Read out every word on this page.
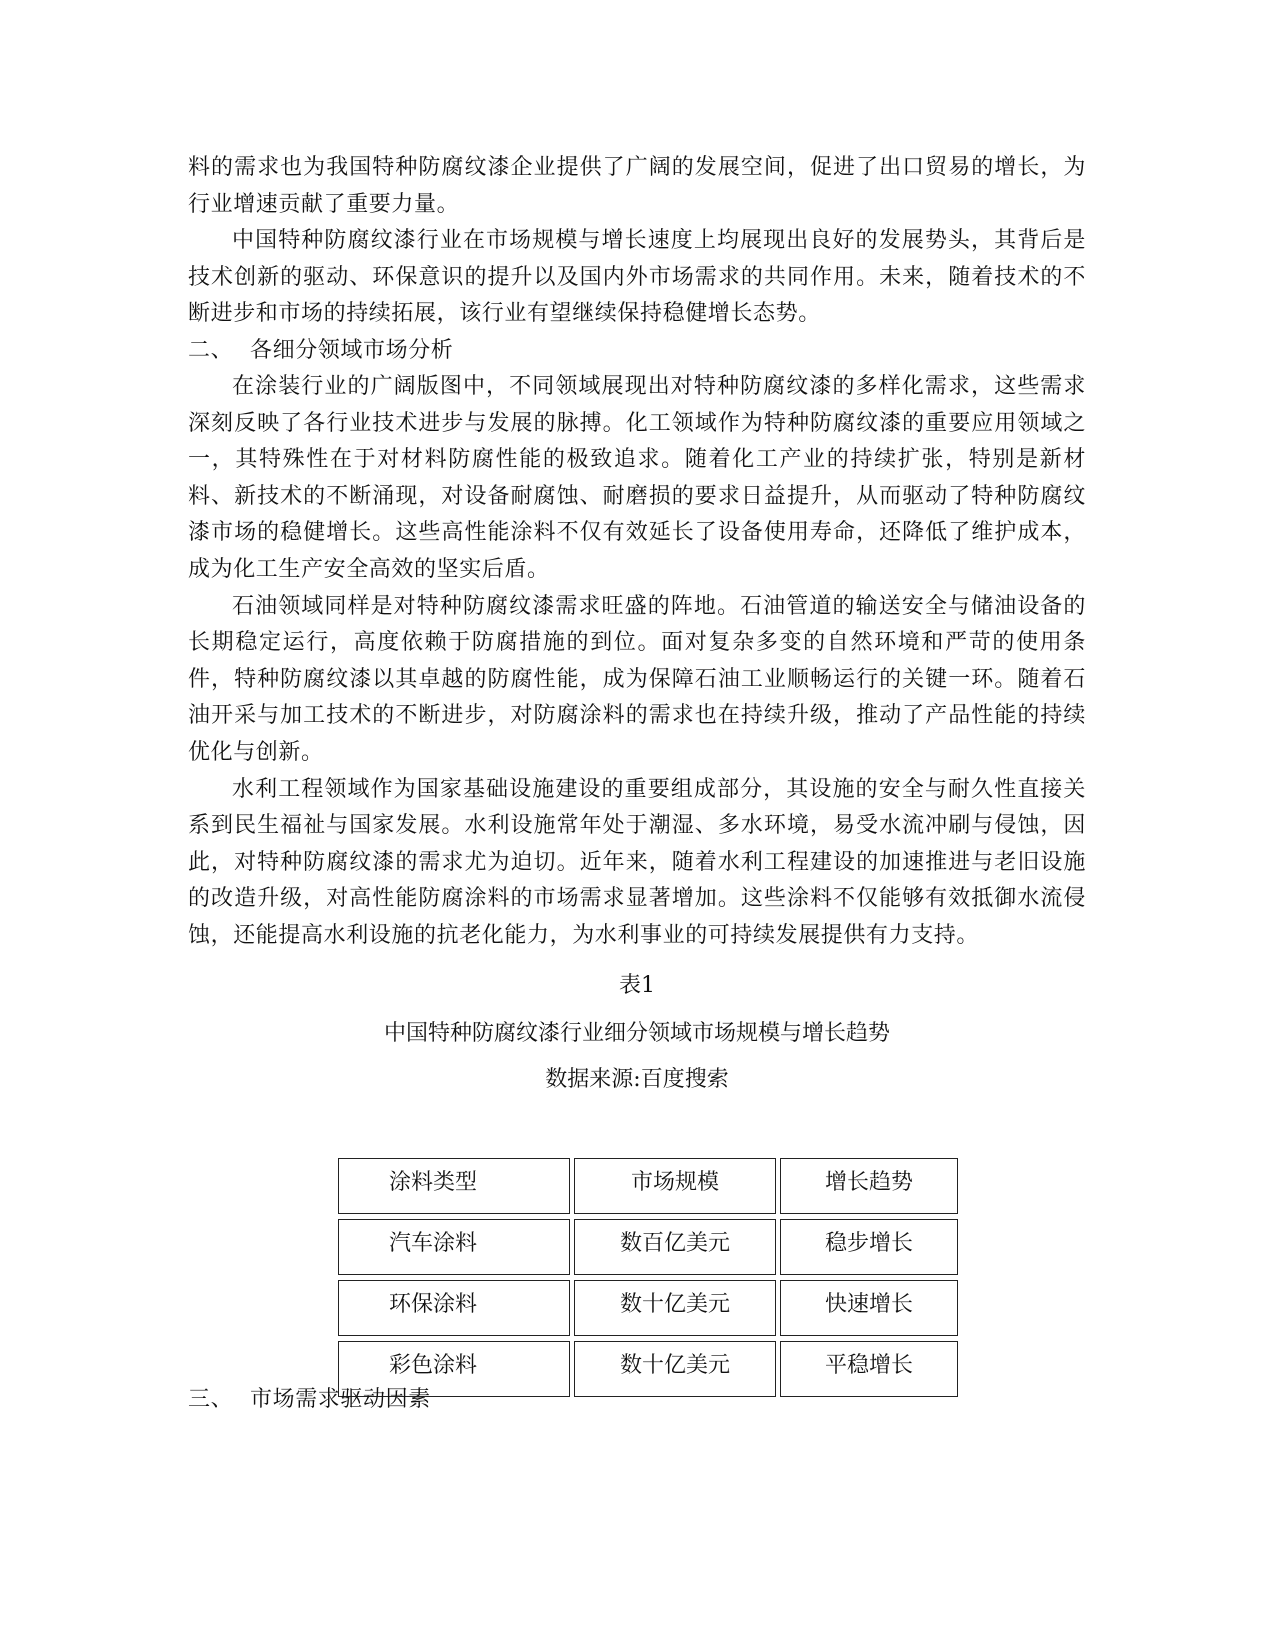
料的需求也为我国特种防腐纹漆企业提供了广阔的发展空间，促进了出口贸易的增长，为行业增速贡献了重要力量。

中国特种防腐纹漆行业在市场规模与增长速度上均展现出良好的发展势头，其背后是技术创新的驱动、环保意识的提升以及国内外市场需求的共同作用。未来，随着技术的不断进步和市场的持续拓展，该行业有望继续保持稳健增长态势。

二、 各细分领域市场分析

在涂装行业的广阔版图中，不同领域展现出对特种防腐纹漆的多样化需求，这些需求深刻反映了各行业技术进步与发展的脉搏。化工领域作为特种防腐纹漆的重要应用领域之一，其特殊性在于对材料防腐性能的极致追求。随着化工产业的持续扩张，特别是新材料、新技术的不断涌现，对设备耐腐蚀、耐磨损的要求日益提升，从而驱动了特种防腐纹漆市场的稳健增长。这些高性能涂料不仅有效延长了设备使用寿命，还降低了维护成本，成为化工生产安全高效的坚实后盾。

石油领域同样是对特种防腐纹漆需求旺盛的阵地。石油管道的输送安全与储油设备的长期稳定运行，高度依赖于防腐措施的到位。面对复杂多变的自然环境和严苛的使用条件，特种防腐纹漆以其卓越的防腐性能，成为保障石油工业顺畅运行的关键一环。随着石油开采与加工技术的不断进步，对防腐涂料的需求也在持续升级，推动了产品性能的持续优化与创新。

水利工程领域作为国家基础设施建设的重要组成部分，其设施的安全与耐久性直接关系到民生福祉与国家发展。水利设施常年处于潮湿、多水环境，易受水流冲刷与侵蚀，因此，对特种防腐纹漆的需求尤为迫切。近年来，随着水利工程建设的加速推进与老旧设施的改造升级，对高性能防腐涂料的市场需求显著增加。这些涂料不仅能够有效抵御水流侵蚀，还能提高水利设施的抗老化能力，为水利事业的可持续发展提供有力支持。

表1

中国特种防腐纹漆行业细分领域市场规模与增长趋势

数据来源:百度搜索

涂料类型	市场规模	增长趋势
汽车涂料	数百亿美元	稳步增长
环保涂料	数十亿美元	快速增长
彩色涂料	数十亿美元	平稳增长

三、 市场需求驱动因素
